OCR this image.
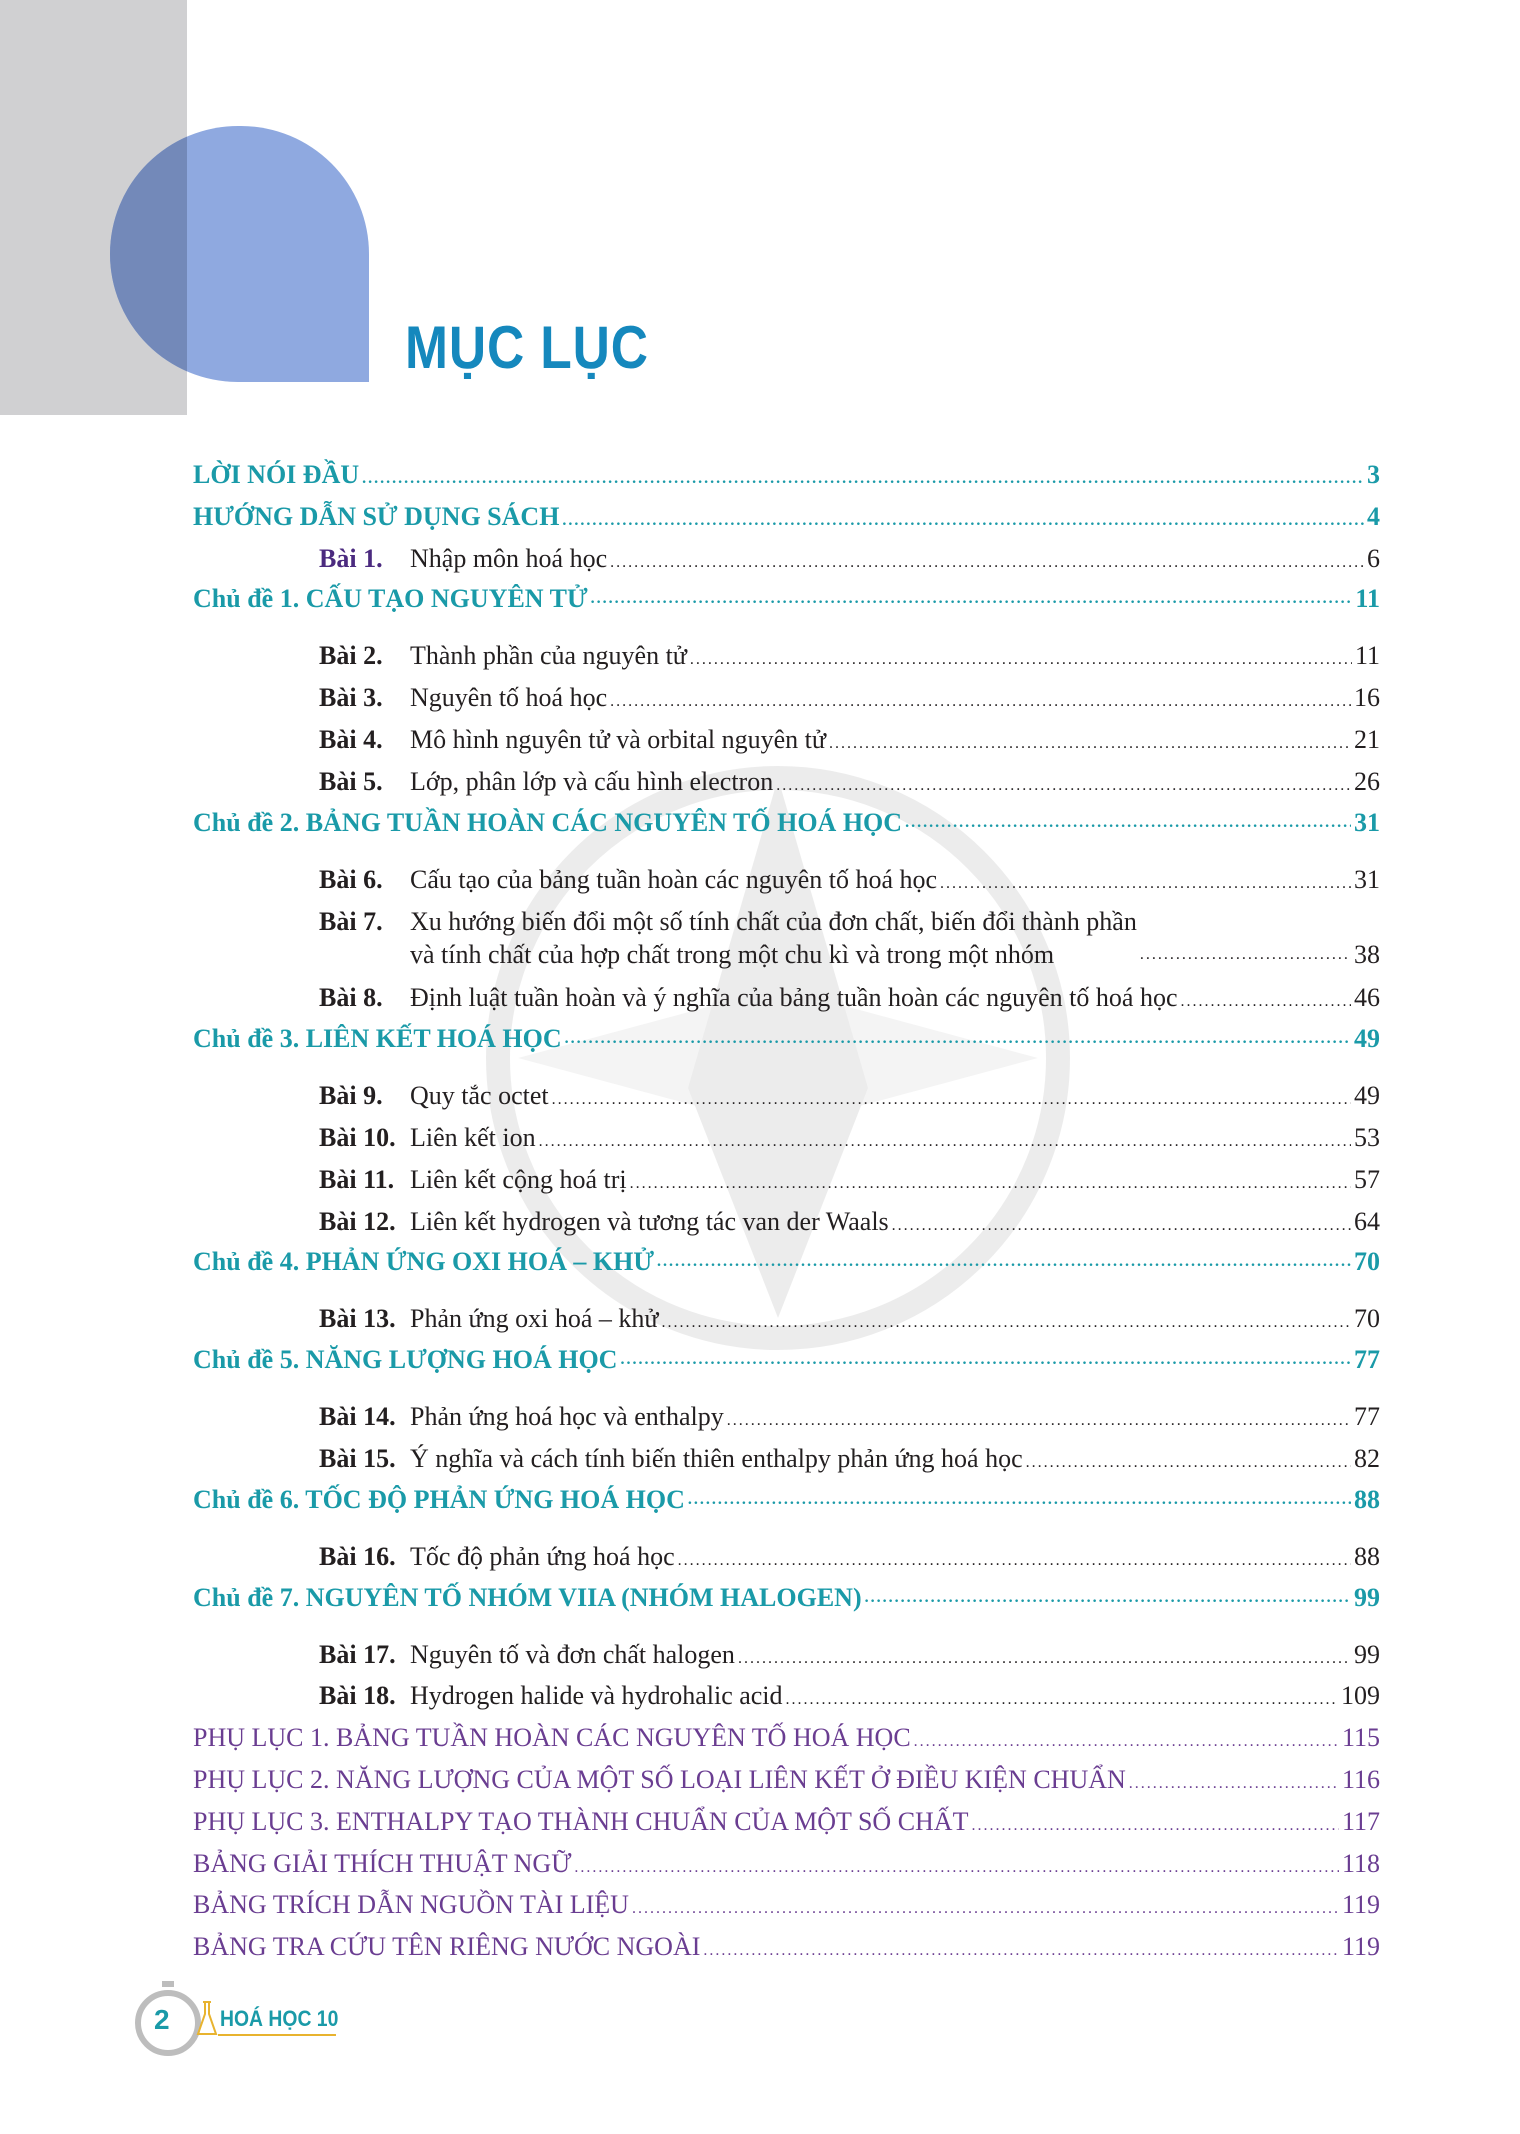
MỤC LỤC
LỜI NÓI ĐẦU .....	3
HƯỚNG DẪN SỬ DỤNG SÁCH .....	4
Bài 1. Nhập môn hoá học .....	6
Chủ đề 1. CẤU TẠO NGUYÊN TỬ .....	11
Bài 2. Thành phần của nguyên tử .....	11
Bài 3. Nguyên tố hoá học .....	16
Bài 4. Mô hình nguyên tử và orbital nguyên tử .....	21
Bài 5. Lớp, phân lớp và cấu hình electron .....	26
Chủ đề 2. BẢNG TUẦN HOÀN CÁC NGUYÊN TỐ HOÁ HỌC .....	31
Bài 6. Cấu tạo của bảng tuần hoàn các nguyên tố hoá học .....	31
Bài 7.	Xu hướng biến đổi một số tính chất của đơn chất, biến đổi thành phần
và tính chất của hợp chất trong một chu kì và trong một nhóm .....	38
Bài 8. Định luật tuần hoàn và ý nghĩa của bảng tuần hoàn các nguyên tố hoá học .....	46
Chủ đề 3. LIÊN KẾT HOÁ HỌC .....	49
Bài 9. Quy tắc octet .....	49
Bài 10. Liên kết ion .....	53
Bài 11. Liên kết cộng hoá trị .....	57
Bài 12. Liên kết hydrogen và tương tác van der Waals .....	64
Chủ đề 4. PHẢN ỨNG OXI HOÁ – KHỬ .....	70
Bài 13. Phản ứng oxi hoá – khử .....	70
Chủ đề 5. NĂNG LƯỢNG HOÁ HỌC .....	77
Bài 14. Phản ứng hoá học và enthalpy .....	77
Bài 15. Ý nghĩa và cách tính biến thiên enthalpy phản ứng hoá học .....	82
Chủ đề 6. TỐC ĐỘ PHẢN ỨNG HOÁ HỌC .....	88
Bài 16. Tốc độ phản ứng hoá học .....	88
Chủ đề 7. NGUYÊN TỐ NHÓM VIIA (NHÓM HALOGEN) .....	99
Bài 17. Nguyên tố và đơn chất halogen .....	99
Bài 18. Hydrogen halide và hydrohalic acid .....	109
PHỤ LỤC 1. BẢNG TUẦN HOÀN CÁC NGUYÊN TỐ HOÁ HỌC .....	115
PHỤ LỤC 2. NĂNG LƯỢNG CỦA MỘT SỐ LOẠI LIÊN KẾT Ở ĐIỀU KIỆN CHUẨN .....	116
PHỤ LỤC 3. ENTHALPY TẠO THÀNH CHUẨN CỦA MỘT SỐ CHẤT .....	117
BẢNG GIẢI THÍCH THUẬT NGỮ .....	118
BẢNG TRÍCH DẪN NGUỒN TÀI LIỆU .....	119
BẢNG TRA CỨU TÊN RIÊNG NƯỚC NGOÀI .....	119
2 HOÁ HỌC 10
